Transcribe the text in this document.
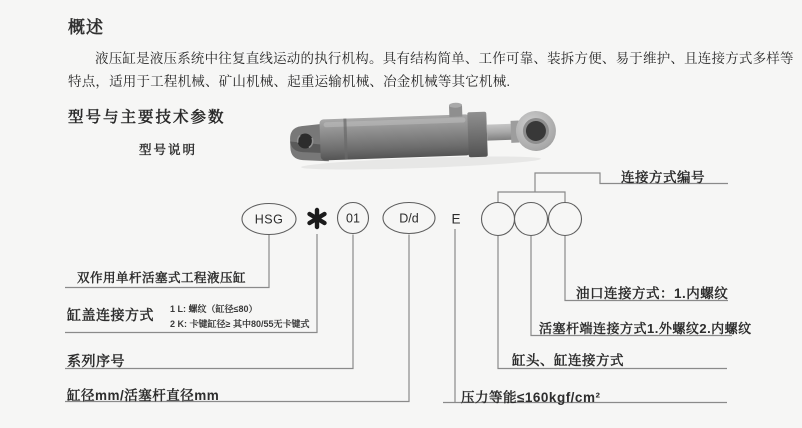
概述
液压缸是液压系统中往复直线运动的执行机构。具有结构简单、工作可靠、装拆方便、易于维护、且连接方式多样等
特点，适用于工程机械、矿山机械、起重运输机械、冶金机械等其它机械.
型号与主要技术参数
型号说明
HSG	01	D/d E
连接方式编号
双作用单杆活塞式工程液压缸
缸盖连接方式 1 L: 螺纹（缸径≤80）
2 K: 卡键缸径≥ 其中80/55无卡键式
系列序号
缸径mm/活塞杆直径mm	压力等能≤160kgf/cm²
缸头、缸连接方式
活塞杆端连接方式1.外螺纹2.内螺纹
油口连接方式：1.内螺纹
